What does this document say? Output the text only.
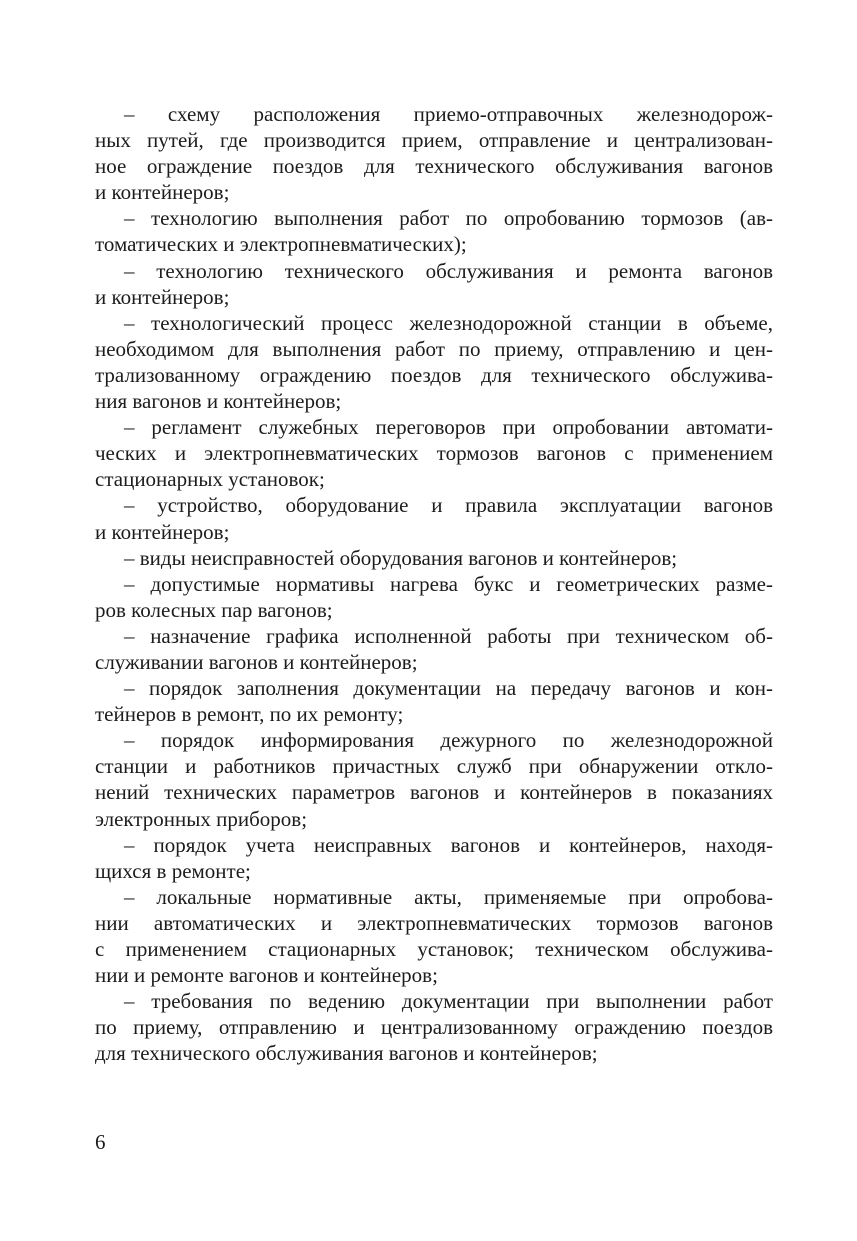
– схему расположения приемо-отправочных железнодорож-
ных путей, где производится прием, отправление и централизован-
ное ограждение поездов для технического обслуживания вагонов
и контейнеров;
– технологию выполнения работ по опробованию тормозов (ав-
томатических и электропневматических);
– технологию технического обслуживания и ремонта вагонов
и контейнеров;
– технологический процесс железнодорожной станции в объеме,
необходимом для выполнения работ по приему, отправлению и цен-
трализованному ограждению поездов для технического обслужива-
ния вагонов и контейнеров;
– регламент служебных переговоров при опробовании автомати-
ческих и электропневматических тормозов вагонов с применением
стационарных установок;
– устройство, оборудование и правила эксплуатации вагонов
и контейнеров;
– виды неисправностей оборудования вагонов и контейнеров;
– допустимые нормативы нагрева букс и геометрических разме-
ров колесных пар вагонов;
– назначение графика исполненной работы при техническом об-
служивании вагонов и контейнеров;
– порядок заполнения документации на передачу вагонов и кон-
тейнеров в ремонт, по их ремонту;
– порядок информирования дежурного по железнодорожной
станции и работников причастных служб при обнаружении откло-
нений технических параметров вагонов и контейнеров в показаниях
электронных приборов;
– порядок учета неисправных вагонов и контейнеров, находя-
щихся в ремонте;
– локальные нормативные акты, применяемые при опробова-
нии автоматических и электропневматических тормозов вагонов
с применением стационарных установок; техническом обслужива-
нии и ремонте вагонов и контейнеров;
– требования по ведению документации при выполнении работ
по приему, отправлению и централизованному ограждению поездов
для технического обслуживания вагонов и контейнеров;
6
